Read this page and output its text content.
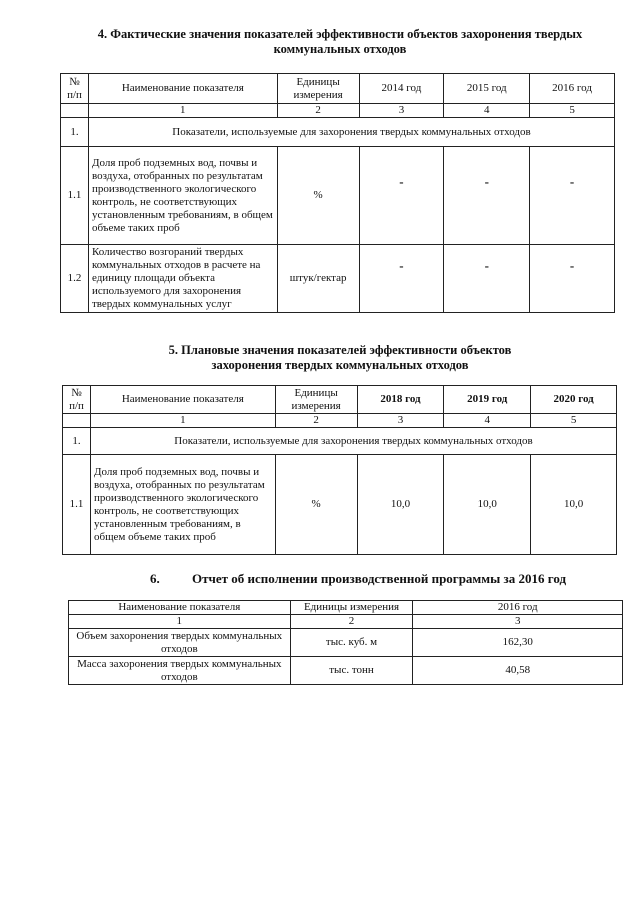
4. Фактические значения показателей эффективности объектов захоронения твердых
коммунальных отходов
№ п/п	Наименование показателя	Единицы измерения	2014 год	2015 год	2016 год
	1	2	3	4	5
1.	Показатели, используемые для захоронения твердых коммунальных отходов				
1.1	Доля проб подземных вод, почвы и воздуха, отобранных по результатам производственного экологического контроль, не соответствующих установленным требованиям, в общем объеме таких проб	%	-	-	-
1.2	Количество возгораний твердых коммунальных отходов в расчете на единицу площади объекта используемого для захоронения твердых коммунальных услуг	штук/гектар	-	-	-
5. Плановые значения показателей эффективности объектов
захоронения твердых коммунальных отходов
№ п/п	Наименование показателя	Единицы измерения	2018 год	2019 год	2020 год
	1	2	3	4	5
1.	Показатели, используемые для захоронения твердых коммунальных отходов				
1.1	Доля проб подземных вод, почвы и воздуха, отобранных по результатам производственного экологического контроль, не соответствующих установленным требованиям, в общем объеме таких проб	%	10,0	10,0	10,0
6. Отчет об исполнении производственной программы за 2016 год
Наименование показателя	Единицы измерения	2016 год
1	2	3
Объем захоронения твердых коммунальных отходов	тыс. куб. м	162,30
Масса захоронения твердых коммунальных отходов	тыс. тонн	40,58
